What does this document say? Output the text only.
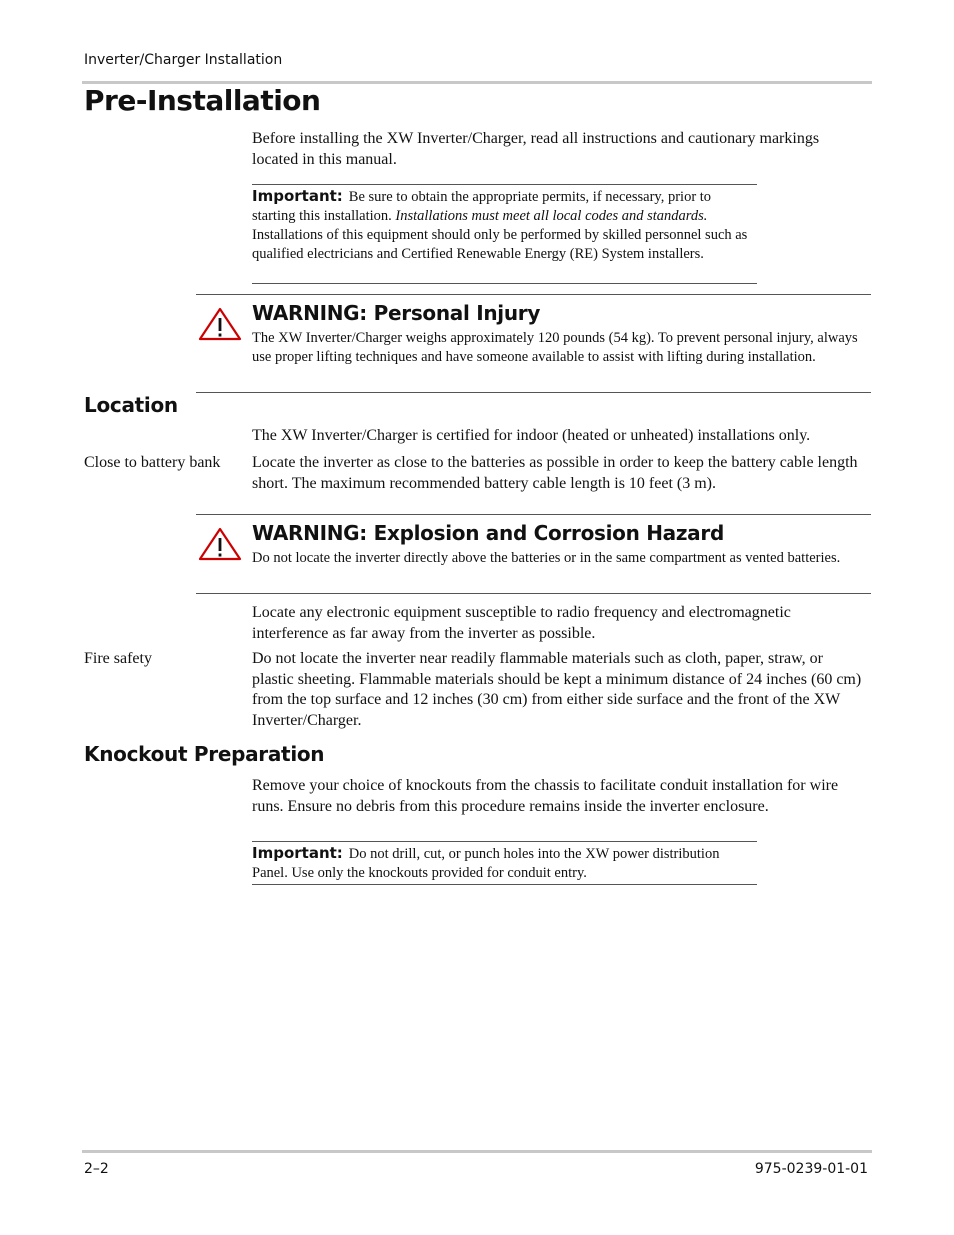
Inverter/Charger Installation
Pre-Installation
Before installing the XW Inverter/Charger, read all instructions and cautionary markings located in this manual.
Important: Be sure to obtain the appropriate permits, if necessary, prior to starting this installation. Installations must meet all local codes and standards. Installations of this equipment should only be performed by skilled personnel such as qualified electricians and Certified Renewable Energy (RE) System installers.
WARNING: Personal Injury
The XW Inverter/Charger weighs approximately 120 pounds (54 kg). To prevent personal injury, always use proper lifting techniques and have someone available to assist with lifting during installation.
Location
The XW Inverter/Charger is certified for indoor (heated or unheated) installations only.
Close to battery bank	Locate the inverter as close to the batteries as possible in order to keep the battery cable length short. The maximum recommended battery cable length is 10 feet (3 m).
WARNING: Explosion and Corrosion Hazard
Do not locate the inverter directly above the batteries or in the same compartment as vented batteries.
Locate any electronic equipment susceptible to radio frequency and electromagnetic interference as far away from the inverter as possible.
Fire safety	Do not locate the inverter near readily flammable materials such as cloth, paper, straw, or plastic sheeting. Flammable materials should be kept a minimum distance of 24 inches (60 cm) from the top surface and 12 inches (30 cm) from either side surface and the front of the XW Inverter/Charger.
Knockout Preparation
Remove your choice of knockouts from the chassis to facilitate conduit installation for wire runs. Ensure no debris from this procedure remains inside the inverter enclosure.
Important: Do not drill, cut, or punch holes into the XW power distribution Panel. Use only the knockouts provided for conduit entry.
2–2	975-0239-01-01
